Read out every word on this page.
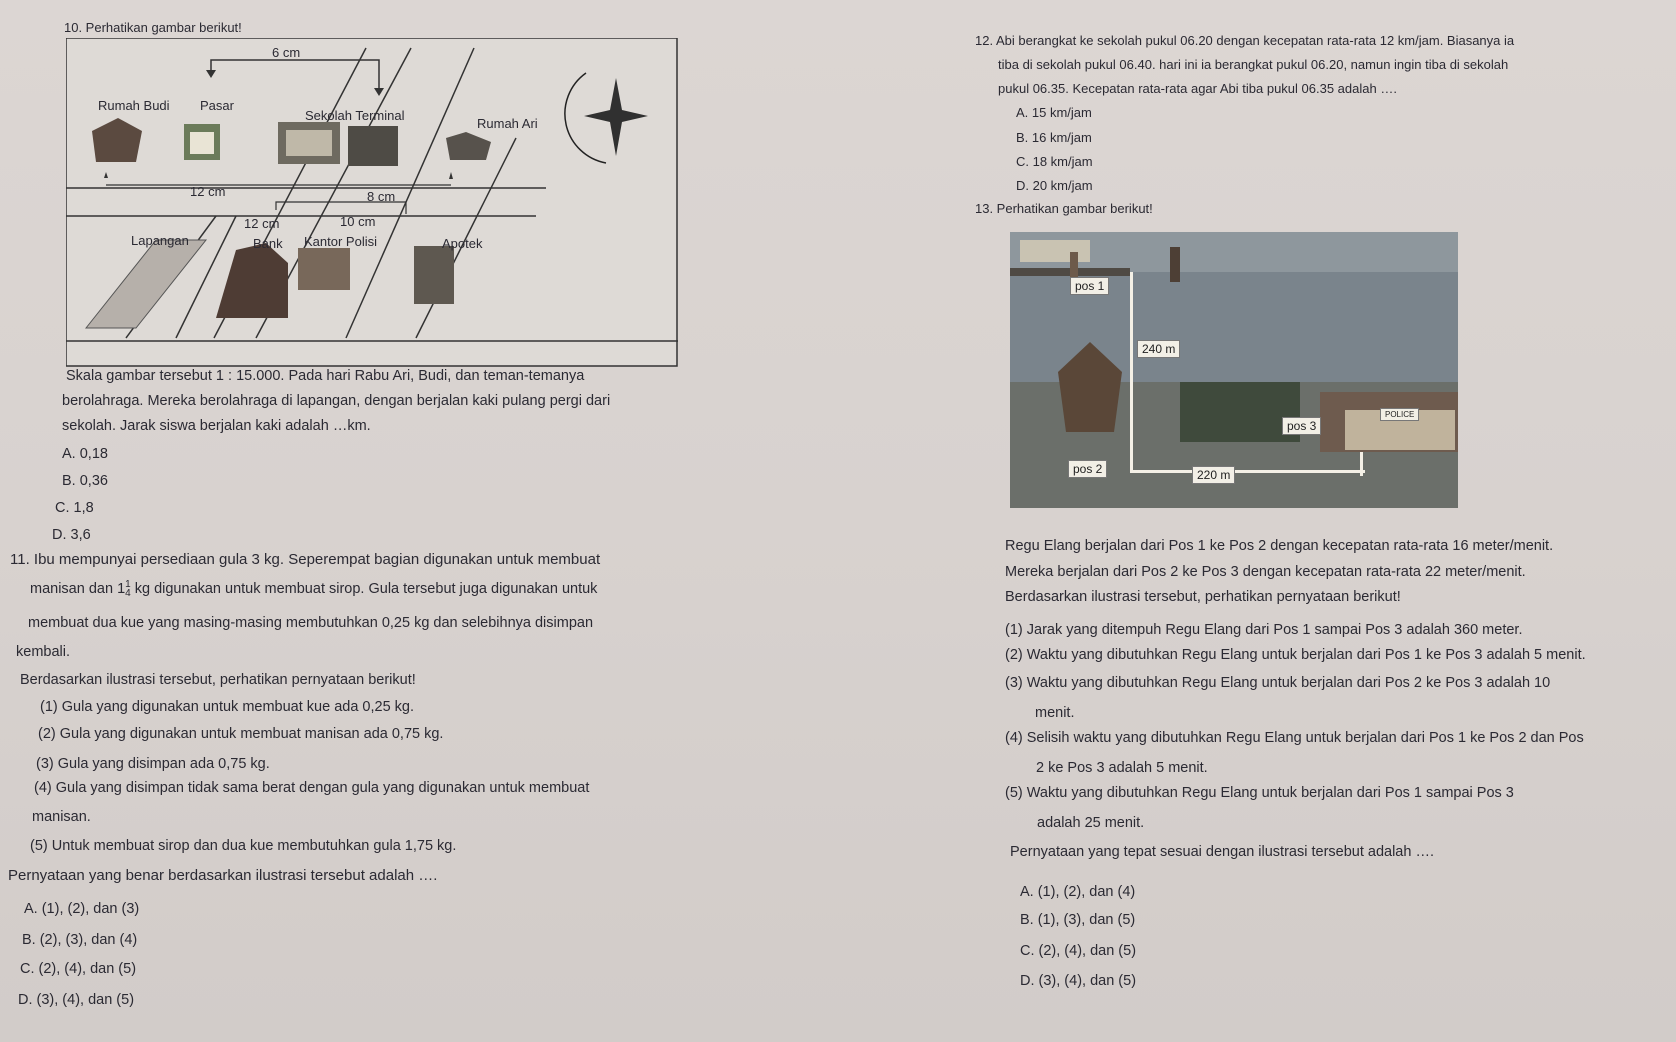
10. Perhatikan gambar berikut!
6 cm
Rumah Budi Pasar
Sekolah Terminal
Rumah Ari
12 cm	8 cm
12 cm	10 cm
Lapangan	Bank Kantor Polisi	Apotek
Skala gambar tersebut 1 : 15.000. Pada hari Rabu Ari, Budi, dan teman-temanya
berolahraga. Mereka berolahraga di lapangan, dengan berjalan kaki pulang pergi dari
sekolah. Jarak siswa berjalan kaki adalah …km.
A. 0,18
B. 0,36
C. 1,8
D. 3,6
11. Ibu mempunyai persediaan gula 3 kg. Seperempat bagian digunakan untuk membuat
manisan dan 11
4 kg digunakan untuk membuat sirop. Gula tersebut juga digunakan untuk
membuat dua kue yang masing-masing membutuhkan 0,25 kg dan selebihnya disimpan
kembali.
Berdasarkan ilustrasi tersebut, perhatikan pernyataan berikut!
(1) Gula yang digunakan untuk membuat kue ada 0,25 kg.
(2) Gula yang digunakan untuk membuat manisan ada 0,75 kg.
(3) Gula yang disimpan ada 0,75 kg.
(4) Gula yang disimpan tidak sama berat dengan gula yang digunakan untuk membuat
manisan.
(5) Untuk membuat sirop dan dua kue membutuhkan gula 1,75 kg.
Pernyataan yang benar berdasarkan ilustrasi tersebut adalah ….
A. (1), (2), dan (3)
B. (2), (3), dan (4)
C. (2), (4), dan (5)
D. (3), (4), dan (5)
12. Abi berangkat ke sekolah pukul 06.20 dengan kecepatan rata-rata 12 km/jam. Biasanya ia
tiba di sekolah pukul 06.40. hari ini ia berangkat pukul 06.20, namun ingin tiba di sekolah
pukul 06.35. Kecepatan rata-rata agar Abi tiba pukul 06.35 adalah ….
A. 15 km/jam
B. 16 km/jam
C. 18 km/jam
D. 20 km/jam
13. Perhatikan gambar berikut!
pos 1
240 m
pos 3
POLICE
pos 2	220 m
Regu Elang berjalan dari Pos 1 ke Pos 2 dengan kecepatan rata-rata 16 meter/menit.
Mereka berjalan dari Pos 2 ke Pos 3 dengan kecepatan rata-rata 22 meter/menit.
Berdasarkan ilustrasi tersebut, perhatikan pernyataan berikut!
(1) Jarak yang ditempuh Regu Elang dari Pos 1 sampai Pos 3 adalah 360 meter.
(2) Waktu yang dibutuhkan Regu Elang untuk berjalan dari Pos 1 ke Pos 3 adalah 5 menit.
(3) Waktu yang dibutuhkan Regu Elang untuk berjalan dari Pos 2 ke Pos 3 adalah 10
menit.
(4) Selisih waktu yang dibutuhkan Regu Elang untuk berjalan dari Pos 1 ke Pos 2 dan Pos
2 ke Pos 3 adalah 5 menit.
(5) Waktu yang dibutuhkan Regu Elang untuk berjalan dari Pos 1 sampai Pos 3
adalah 25 menit.
Pernyataan yang tepat sesuai dengan ilustrasi tersebut adalah ….
A. (1), (2), dan (4)
B. (1), (3), dan (5)
C. (2), (4), dan (5)
D. (3), (4), dan (5)
